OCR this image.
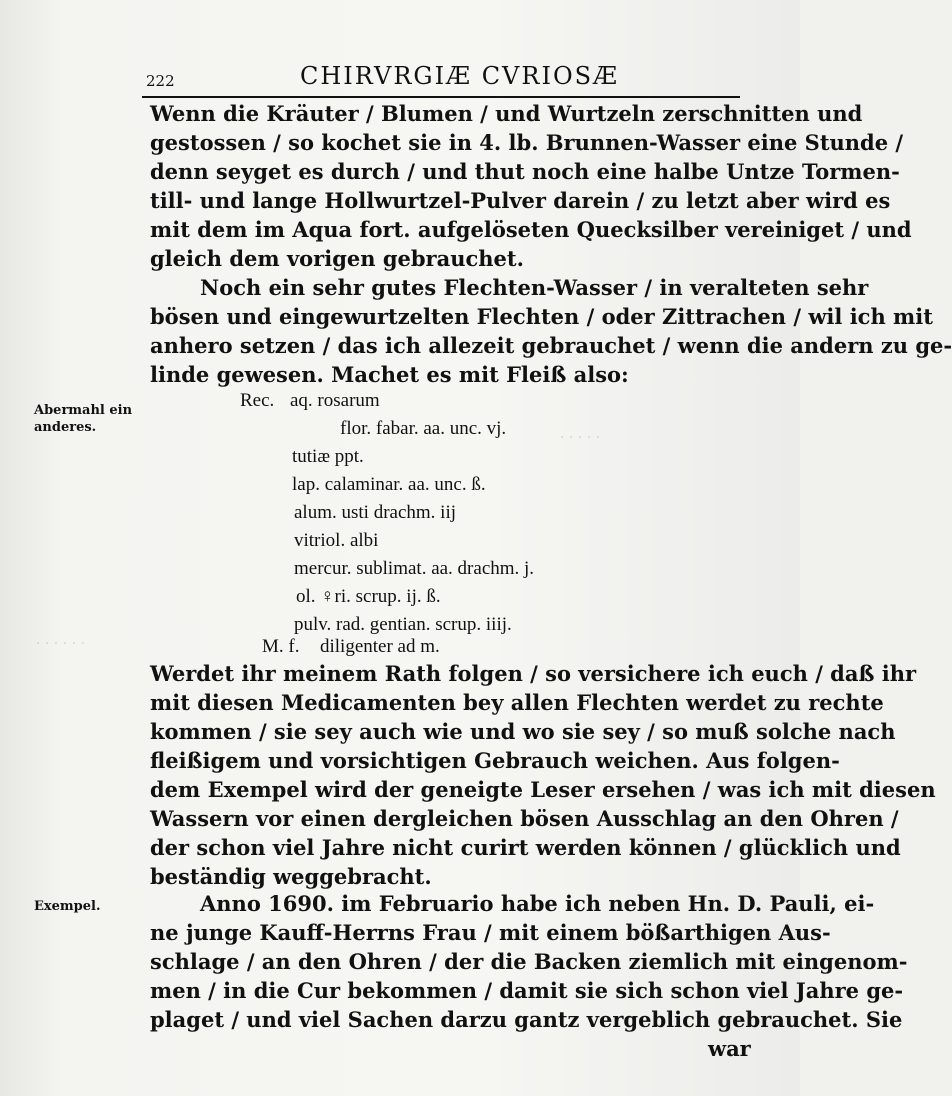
222	CHIRVRGIÆ CVRIOSÆ
Wenn die Kräuter / Blumen / und Wurtzeln zerschnitten und
gestossen / so kochet sie in 4. lb. Brunnen-Wasser eine Stunde /
denn seyget es durch / und thut noch eine halbe Untze Tormen-
till- und lange Hollwurtzel-Pulver darein / zu letzt aber wird es
mit dem im Aqua fort. aufgelöseten Quecksilber vereiniget / und
gleich dem vorigen gebrauchet.
Noch ein sehr gutes Flechten-Wasser / in veralteten sehr
bösen und eingewurtzelten Flechten / oder Zittrachen / wil ich mit
anhero setzen / das ich allezeit gebrauchet / wenn die andern zu ge-
linde gewesen. Machet es mit Fleiß also:
Abermahl ein anderes.
Rec. aq. rosarum
flor. fabar. aa. unc. vj.
tutiæ ppt.
lap. calaminar. aa. unc. ß.
alum. usti drachm. iij
vitriol. albi
mercur. sublimat. aa. drachm. j.
ol. ♀ri. scrup. ij. ß.
pulv. rad. gentian. scrup. iiij.
M. f. diligenter ad m.
· · · · · ·
· · · · ·
Werdet ihr meinem Rath folgen / so versichere ich euch / daß ihr
mit diesen Medicamenten bey allen Flechten werdet zu rechte
kommen / sie sey auch wie und wo sie sey / so muß solche nach
fleißigem und vorsichtigen Gebrauch weichen. Aus folgen-
dem Exempel wird der geneigte Leser ersehen / was ich mit diesen
Wassern vor einen dergleichen bösen Ausschlag an den Ohren /
der schon viel Jahre nicht curirt werden können / glücklich und
beständig weggebracht.
Exempel.	Anno 1690. im Februario habe ich neben Hn. D. Pauli, ei-
ne junge Kauff-Herrns Frau / mit einem bößarthigen Aus-
schlage / an den Ohren / der die Backen ziemlich mit eingenom-
men / in die Cur bekommen / damit sie sich schon viel Jahre ge-
plaget / und viel Sachen darzu gantz vergeblich gebrauchet. Sie
war
